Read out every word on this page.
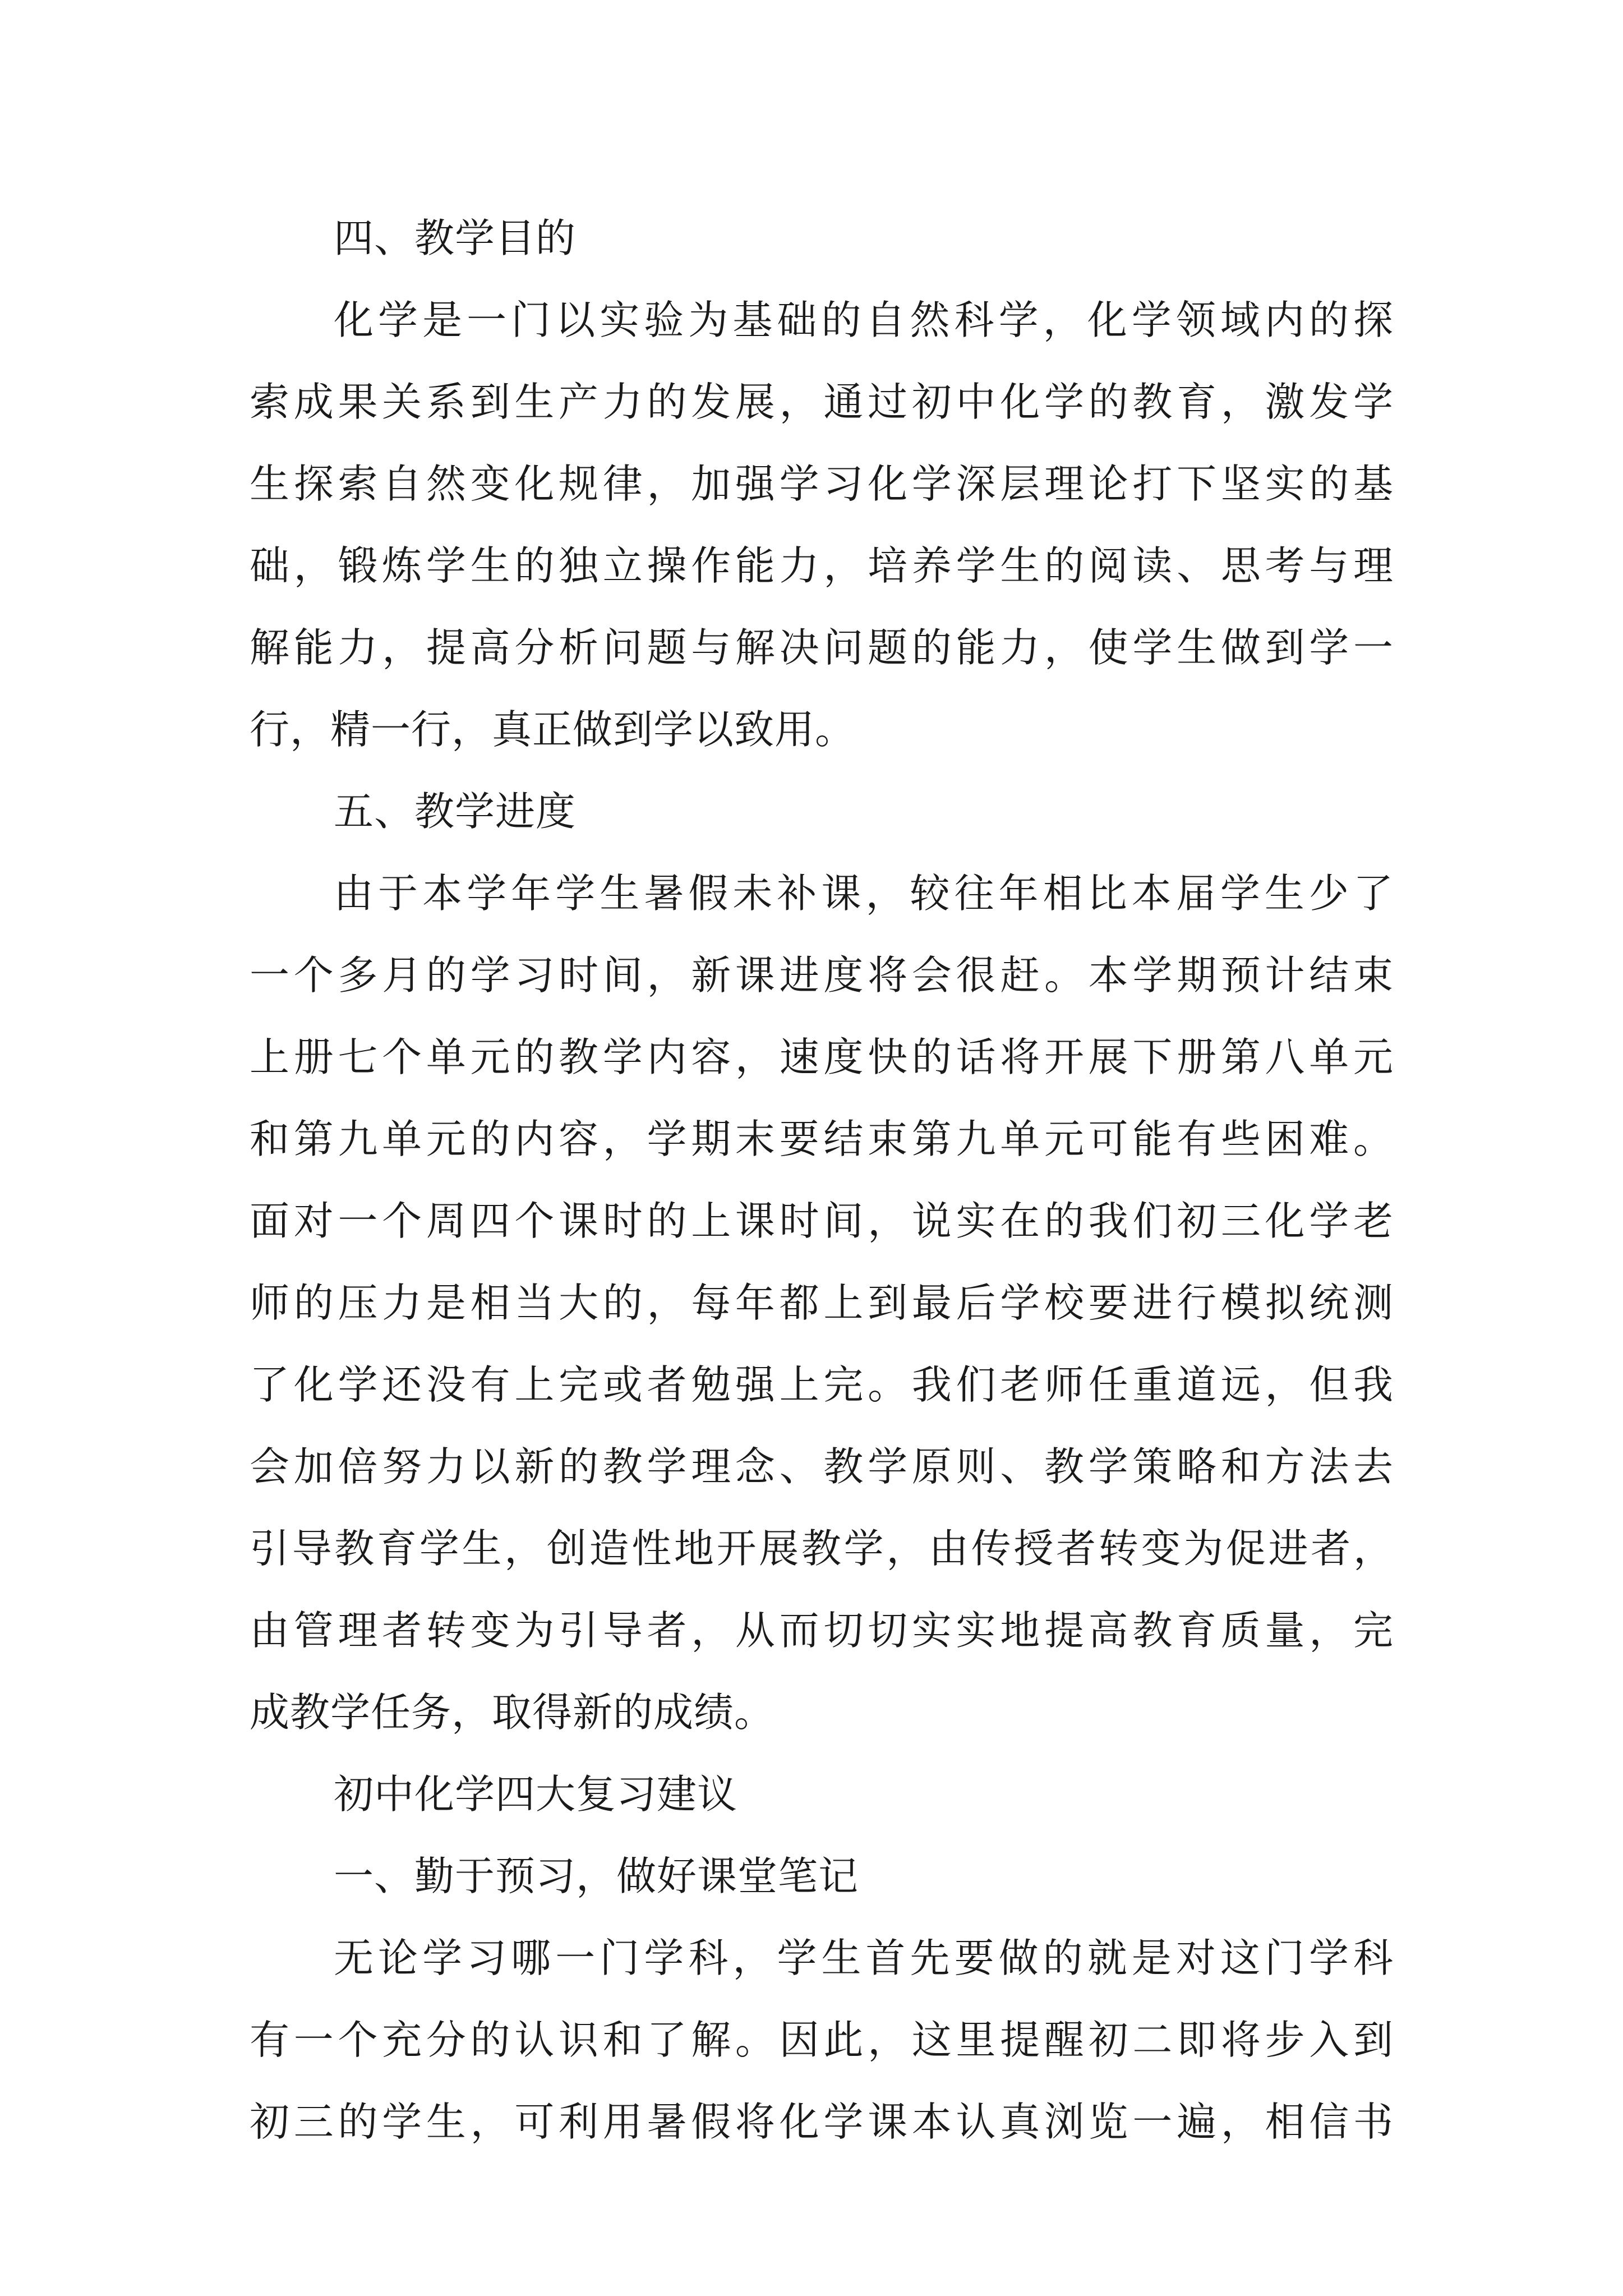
四、教学目的
化学是一门以实验为基础的自然科学，化学领域内的探
索成果关系到生产力的发展，通过初中化学的教育，激发学
生探索自然变化规律，加强学习化学深层理论打下坚实的基
础，锻炼学生的独立操作能力，培养学生的阅读、思考与理
解能力，提高分析问题与解决问题的能力，使学生做到学一
行，精一行，真正做到学以致用。
五、教学进度
由于本学年学生暑假未补课，较往年相比本届学生少了
一个多月的学习时间，新课进度将会很赶。本学期预计结束
上册七个单元的教学内容，速度快的话将开展下册第八单元
和第九单元的内容，学期末要结束第九单元可能有些困难。
面对一个周四个课时的上课时间，说实在的我们初三化学老
师的压力是相当大的，每年都上到最后学校要进行模拟统测
了化学还没有上完或者勉强上完。我们老师任重道远，但我
会加倍努力以新的教学理念、教学原则、教学策略和方法去
引导教育学生，创造性地开展教学，由传授者转变为促进者，
由管理者转变为引导者，从而切切实实地提高教育质量，完
成教学任务，取得新的成绩。
初中化学四大复习建议
一、勤于预习，做好课堂笔记
无论学习哪一门学科，学生首先要做的就是对这门学科
有一个充分的认识和了解。因此，这里提醒初二即将步入到
初三的学生，可利用暑假将化学课本认真浏览一遍，相信书
